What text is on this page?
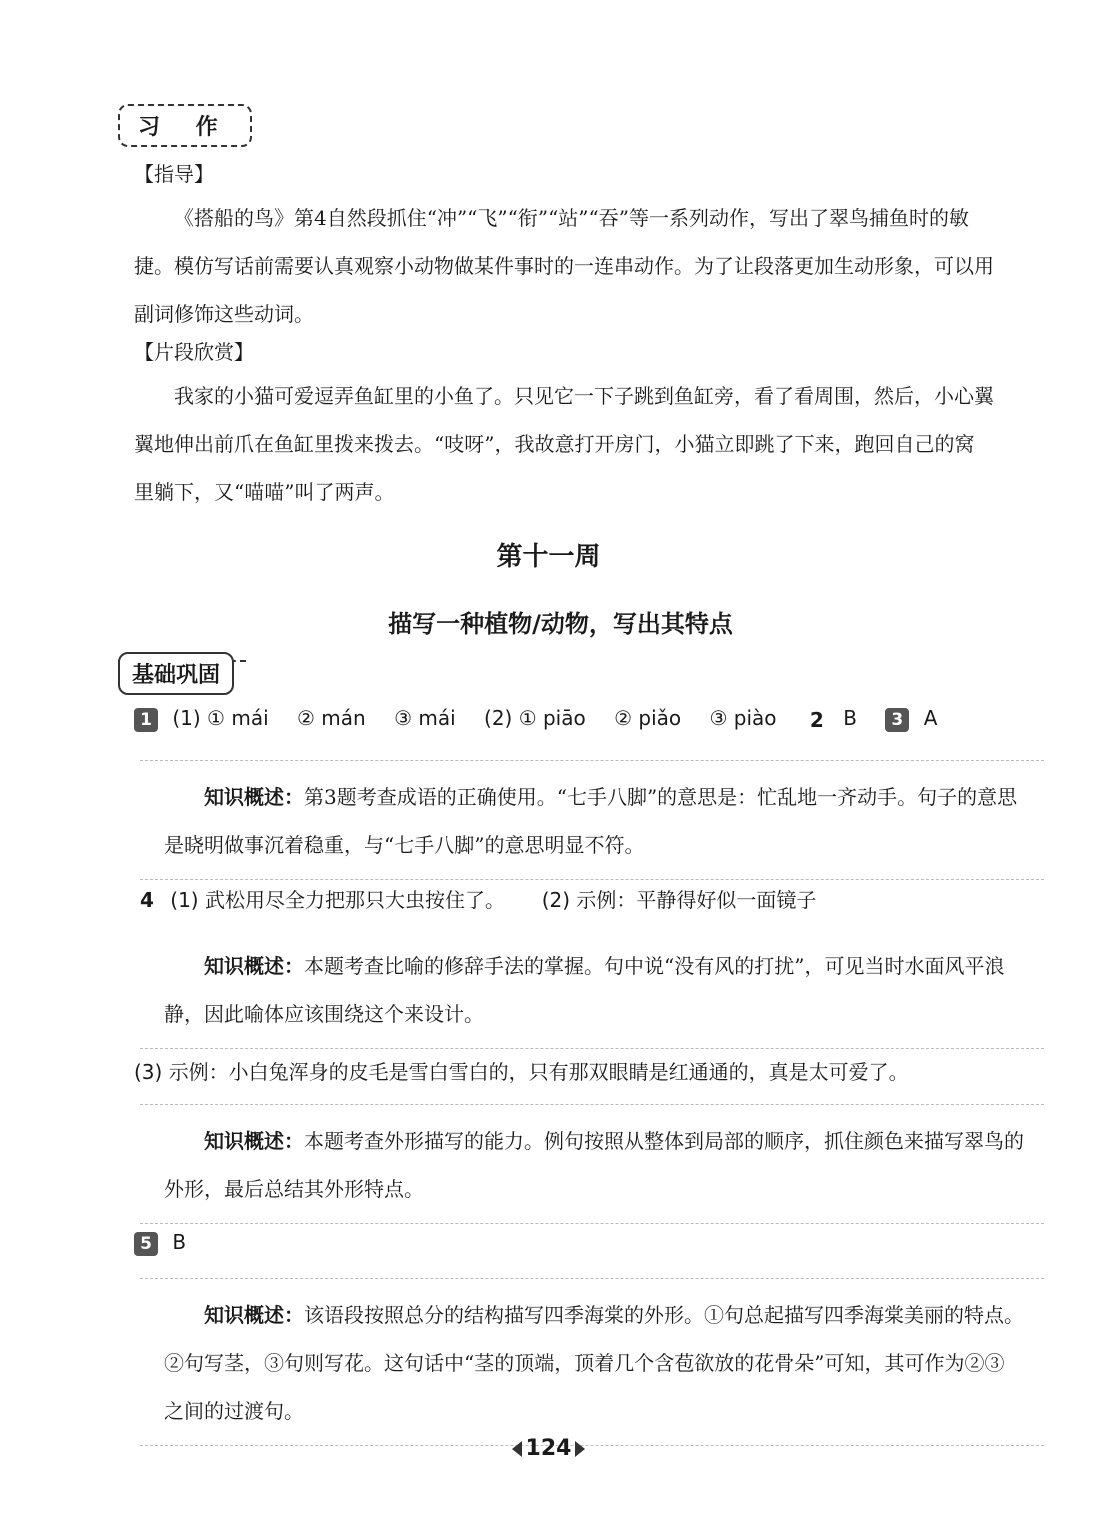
习 作
【指导】

《搭船的鸟》第4自然段抓住“冲”“飞”“衔”“站”“吞”等一系列动作，写出了翠鸟捕鱼时的敏捷。模仿写话前需要认真观察小动物做某件事时的一连串动作。为了让段落更加生动形象，可以用副词修饰这些动词。

【片段欣赏】

我家的小猫可爱逗弄鱼缸里的小鱼了。只见它一下子跳到鱼缸旁，看了看周围，然后，小心翼翼地伸出前爪在鱼缸里拨来拨去。“吱呀”，我故意打开房门，小猫立即跳了下来，跑回自己的窝里躺下，又“喵喵”叫了两声。

第十一周
描写一种植物/动物，写出其特点
基础巩固
1 (1) ① mái ② mán ③ mái (2) ① piāo ② piǎo ③ piào 2 B 3 A
知识概述：第3题考查成语的正确使用。“七手八脚”的意思是：忙乱地一齐动手。句子的意思是晓明做事沉着稳重，与“七手八脚”的意思明显不符。
4 (1) 武松用尽全力把那只大虫按住了。 (2) 示例：平静得好似一面镜子
知识概述：本题考查比喻的修辞手法的掌握。句中说“没有风的打扰”，可见当时水面风平浪静，因此喻体应该围绕这个来设计。
(3) 示例：小白兔浑身的皮毛是雪白雪白的，只有那双眼睛是红通通的，真是太可爱了。
知识概述：本题考查外形描写的能力。例句按照从整体到局部的顺序，抓住颜色来描写翠鸟的外形，最后总结其外形特点。
5 B
知识概述：该语段按照总分的结构描写四季海棠的外形。①句总起描写四季海棠美丽的特点。②句写茎，③句则写花。这句话中“茎的顶端，顶着几个含苞欲放的花骨朵”可知，其可作为②③之间的过渡句。
124
